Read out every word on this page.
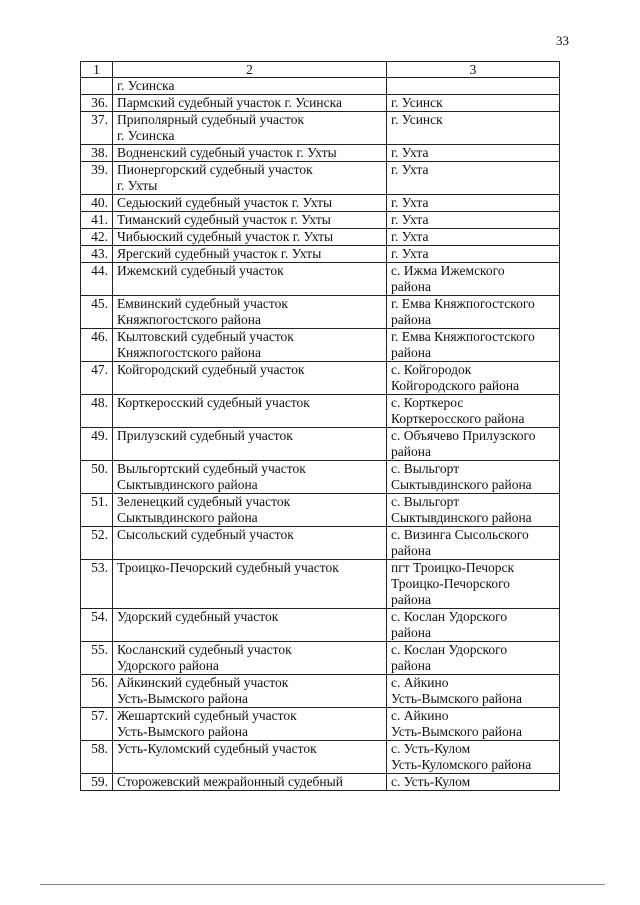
33
1	2	3
	г. Усинска	
36.	Пармский судебный участок г. Усинска	г. Усинск
37.	Приполярный судебный участок
г. Усинска	г. Усинск
38.	Водненский судебный участок г. Ухты	г. Ухта
39.	Пионергорский судебный участок
г. Ухты	г. Ухта
40.	Седьюский судебный участок г. Ухты	г. Ухта
41.	Тиманский судебный участок г. Ухты	г. Ухта
42.	Чибьюский судебный участок г. Ухты	г. Ухта
43.	Ярегский судебный участок г. Ухты	г. Ухта
44.	Ижемский судебный участок	с. Ижма Ижемского
района
45.	Емвинский судебный участок
Княжпогостского района	г. Емва Княжпогостского
района
46.	Кылтовский судебный участок
Княжпогостского района	г. Емва Княжпогостского
района
47.	Койгородский судебный участок	с. Койгородок
Койгородского района
48.	Корткеросский судебный участок	с. Корткерос
Корткеросского района
49.	Прилузский судебный участок	с. Объячево Прилузского
района
50.	Выльгортский судебный участок
Сыктывдинского района	с. Выльгорт
Сыктывдинского района
51.	Зеленецкий судебный участок
Сыктывдинского района	с. Выльгорт
Сыктывдинского района
52.	Сысольский судебный участок	с. Визинга Сысольского
района
53.	Троицко-Печорский судебный участок	пгт Троицко-Печорск
Троицко-Печорского
района
54.	Удорский судебный участок	с. Кослан Удорского
района
55.	Косланский судебный участок
Удорского района	с. Кослан Удорского
района
56.	Айкинский судебный участок
Усть-Вымского района	с. Айкино
Усть-Вымского района
57.	Жешартский судебный участок
Усть-Вымского района	с. Айкино
Усть-Вымского района
58.	Усть-Куломский судебный участок	с. Усть-Кулом
Усть-Куломского района
59.	Сторожевский межрайонный судебный	с. Усть-Кулом
